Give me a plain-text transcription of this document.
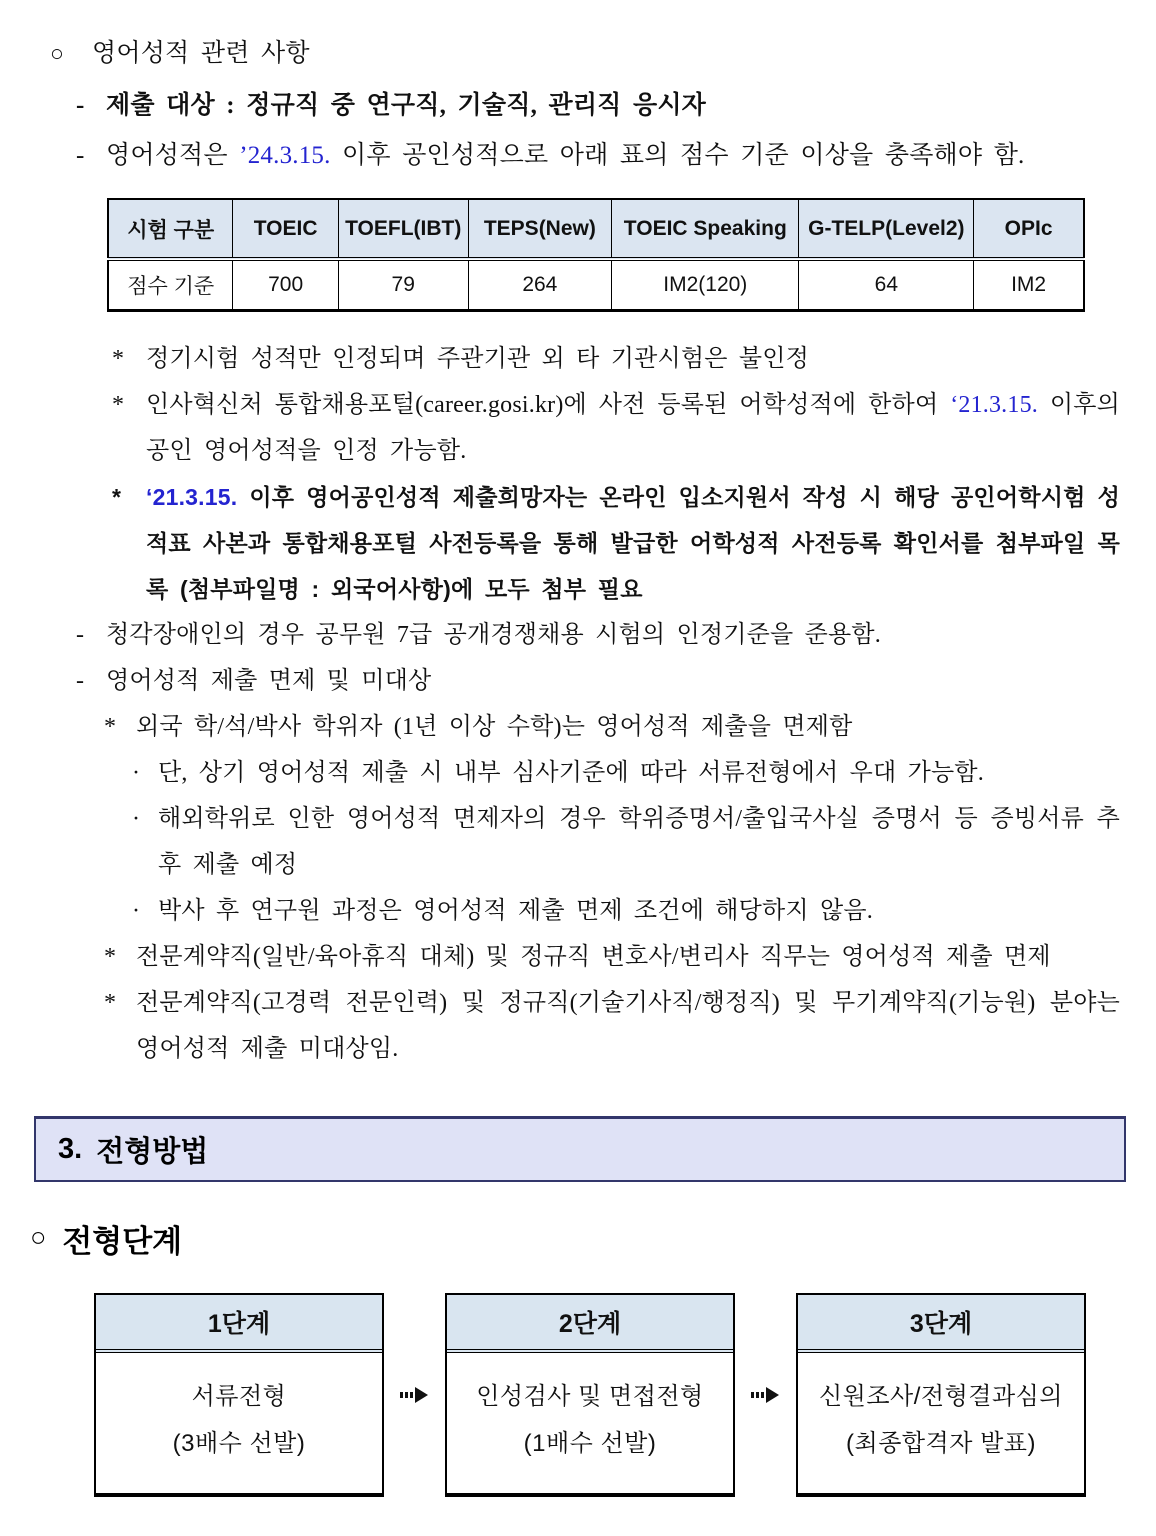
○	영어성적 관련 사항
- 제출 대상 : 정규직 중 연구직, 기술직, 관리직 응시자
- 영어성적은 ’24.3.15. 이후 공인성적으로 아래 표의 점수 기준 이상을 충족해야 함.
시험 구분	TOEIC	TOEFL(IBT)	TEPS(New)	TOEIC Speaking	G-TELP(Level2)	OPIc
점수 기준	700	79	264	IM2(120)	64	IM2
* 정기시험 성적만 인정되며 주관기관 외 타 기관시험은 불인정
* 인사혁신처 통합채용포털(career.gosi.kr)에 사전 등록된 어학성적에 한하여 ‘21.3.15. 이후의 공인 영어성적을 인정 가능함.
*	‘21.3.15. 이후 영어공인성적 제출희망자는 온라인 입소지원서 작성 시 해당 공인어학시험 성적표 사본과 통합채용포털 사전등록을 통해 발급한 어학성적 사전등록 확인서를 첨부파일 목록 (첨부파일명 : 외국어사항)에 모두 첨부 필요
- 청각장애인의 경우 공무원 7급 공개경쟁채용 시험의 인정기준을 준용함.
- 영어성적 제출 면제 및 미대상
* 외국 학/석/박사 학위자 (1년 이상 수학)는 영어성적 제출을 면제함
· 단, 상기 영어성적 제출 시 내부 심사기준에 따라 서류전형에서 우대 가능함.
· 해외학위로 인한 영어성적 면제자의 경우 학위증명서/출입국사실 증명서 등 증빙서류 추후 제출 예정
· 박사 후 연구원 과정은 영어성적 제출 면제 조건에 해당하지 않음.
* 전문계약직(일반/육아휴직 대체) 및 정규직 변호사/변리사 직무는 영어성적 제출 면제
* 전문계약직(고경력 전문인력) 및 정규직(기술기사직/행정직) 및 무기계약직(기능원) 분야는 영어성적 제출 미대상임.
3. 전형방법
○ 전형단계
1단계
서류전형
(3배수 선발)
2단계
인성검사 및 면접전형
(1배수 선발)
3단계
신원조사/전형결과심의
(최종합격자 발표)
